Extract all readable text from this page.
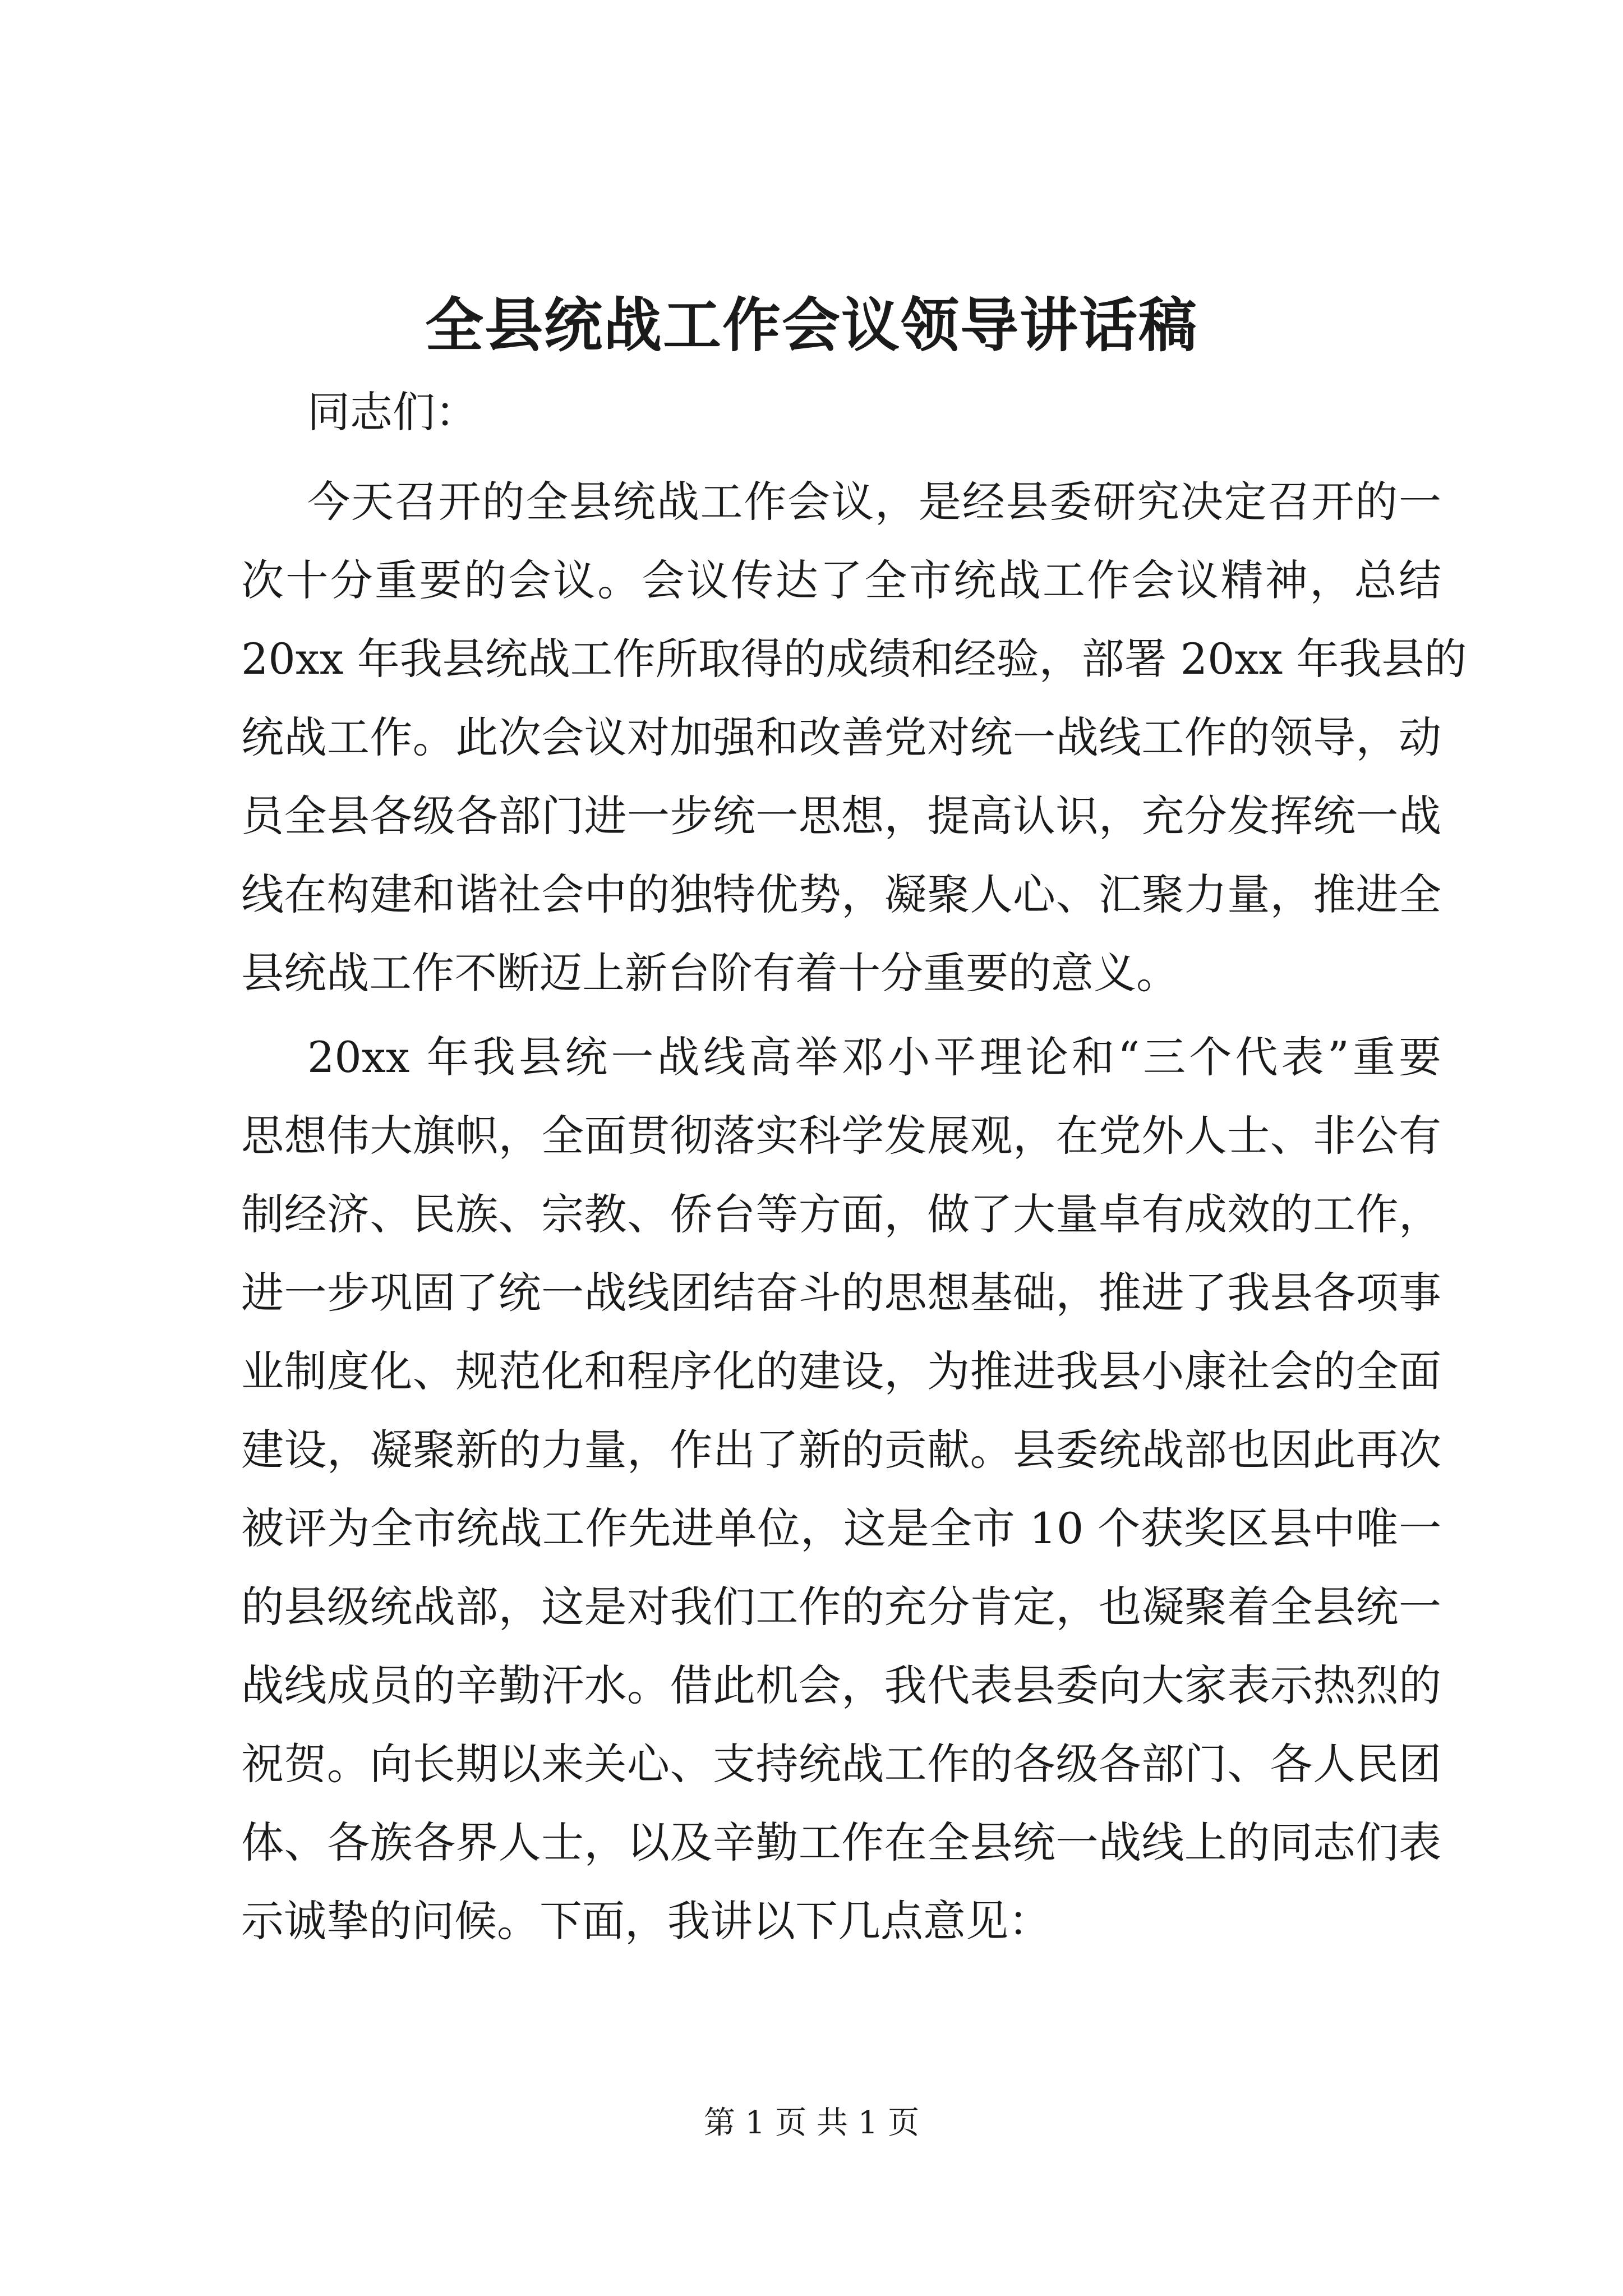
全县统战工作会议领导讲话稿

同志们：

今天召开的全县统战工作会议，是经县委研究决定召开的一

次十分重要的会议。会议传达了全市统战工作会议精神，总结

20xx 年我县统战工作所取得的成绩和经验，部署 20xx 年我县的

统战工作。此次会议对加强和改善党对统一战线工作的领导，动

员全县各级各部门进一步统一思想，提高认识，充分发挥统一战

线在构建和谐社会中的独特优势，凝聚人心、汇聚力量，推进全

县统战工作不断迈上新台阶有着十分重要的意义。

20xx 年我县统一战线高举邓小平理论和“三个代表”重要

思想伟大旗帜，全面贯彻落实科学发展观，在党外人士、非公有

制经济、民族、宗教、侨台等方面，做了大量卓有成效的工作，

进一步巩固了统一战线团结奋斗的思想基础，推进了我县各项事

业制度化、规范化和程序化的建设，为推进我县小康社会的全面

建设，凝聚新的力量，作出了新的贡献。县委统战部也因此再次

被评为全市统战工作先进单位，这是全市 10 个获奖区县中唯一

的县级统战部，这是对我们工作的充分肯定，也凝聚着全县统一

战线成员的辛勤汗水。借此机会，我代表县委向大家表示热烈的

祝贺。向长期以来关心、支持统战工作的各级各部门、各人民团

体、各族各界人士，以及辛勤工作在全县统一战线上的同志们表

示诚挚的问候。下面，我讲以下几点意见：

第 1 页 共 1 页
